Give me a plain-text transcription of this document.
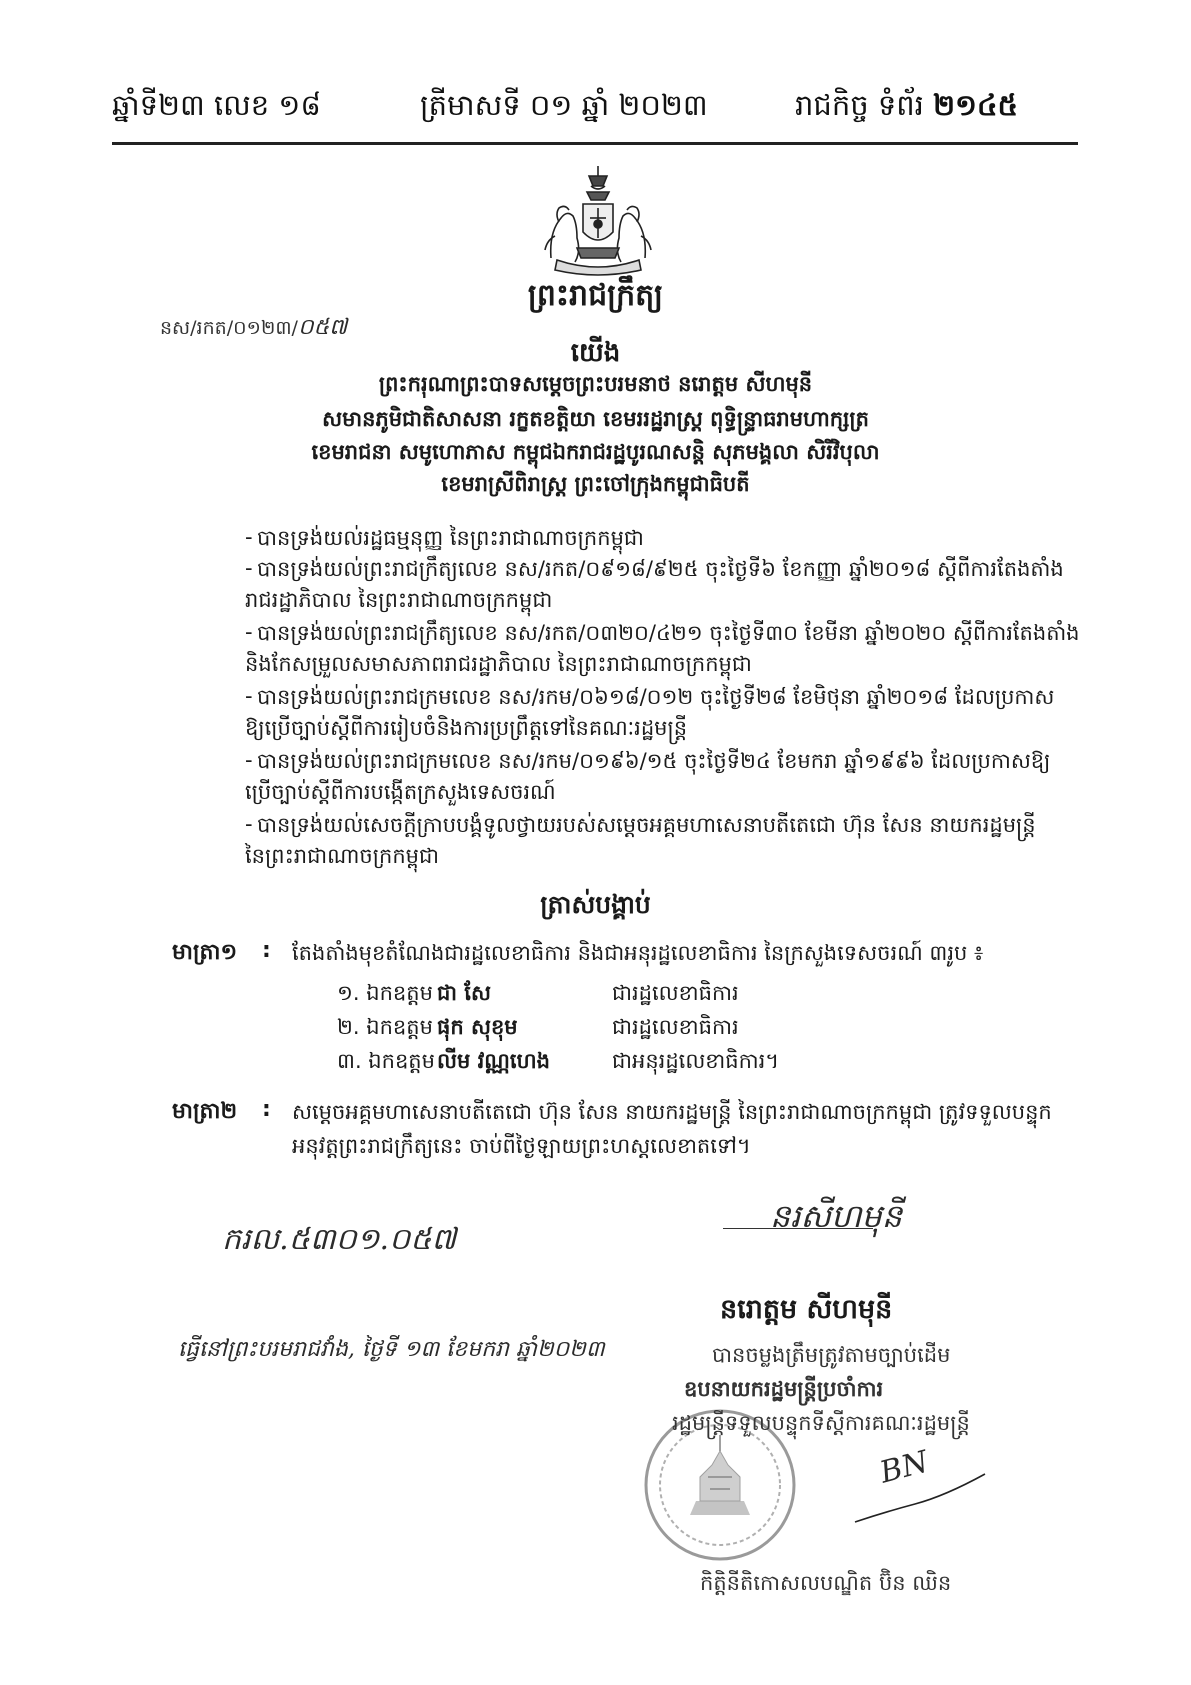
ឆ្នាំទី២៣ លេខ ១៨	ត្រីមាសទី ០១ ឆ្នាំ ២០២៣	រាជកិច្ច ទំព័រ ២១៤៥
ព្រះរាជក្រឹត្យ
នស/រកត/០១២៣/០៥៧
យើង
ព្រះករុណាព្រះបាទសម្តេចព្រះបរមនាថ នរោត្តម សីហមុនី
សមានភូមិជាតិសាសនា រក្ខតខត្តិយា ខេមររដ្ឋរាស្ត្រ ពុទ្ធិន្ទ្រាធរាមហាក្សត្រ
ខេមរាជនា សមូហោភាស កម្ពុជឯករាជរដ្ឋបូរណសន្តិ សុភមង្គលា សិរីវិបុលា
ខេមរាស្រីពិរាស្ត្រ ព្រះចៅក្រុងកម្ពុជាធិបតី
- បានទ្រង់យល់រដ្ឋធម្មនុញ្ញ នៃព្រះរាជាណាចក្រកម្ពុជា
- បានទ្រង់យល់ព្រះរាជក្រឹត្យលេខ នស/រកត/០៩១៨/៩២៥ ចុះថ្ងៃទី៦ ខែកញ្ញា ឆ្នាំ២០១៨ ស្តីពីការតែងតាំង
រាជរដ្ឋាភិបាល នៃព្រះរាជាណាចក្រកម្ពុជា
- បានទ្រង់យល់ព្រះរាជក្រឹត្យលេខ នស/រកត/០៣២០/៤២១ ចុះថ្ងៃទី៣០ ខែមីនា ឆ្នាំ២០២០ ស្តីពីការតែងតាំង
និងកែសម្រួលសមាសភាពរាជរដ្ឋាភិបាល នៃព្រះរាជាណាចក្រកម្ពុជា
- បានទ្រង់យល់ព្រះរាជក្រមលេខ នស/រកម/០៦១៨/០១២ ចុះថ្ងៃទី២៨ ខែមិថុនា ឆ្នាំ២០១៨ ដែលប្រកាស
ឱ្យប្រើច្បាប់ស្តីពីការរៀបចំនិងការប្រព្រឹត្តទៅនៃគណៈរដ្ឋមន្ត្រី
- បានទ្រង់យល់ព្រះរាជក្រមលេខ នស/រកម/០១៩៦/១៥ ចុះថ្ងៃទី២៤ ខែមករា ឆ្នាំ១៩៩៦ ដែលប្រកាសឱ្យ
ប្រើច្បាប់ស្តីពីការបង្កើតក្រសួងទេសចរណ៍
- បានទ្រង់យល់សេចក្តីក្រាបបង្គំទូលថ្វាយរបស់សម្តេចអគ្គមហាសេនាបតីតេជោ ហ៊ុន សែន នាយករដ្ឋមន្ត្រី
នៃព្រះរាជាណាចក្រកម្ពុជា
ត្រាស់បង្គាប់
មាត្រា១ : តែងតាំងមុខតំណែងជារដ្ឋលេខាធិការ និងជាអនុរដ្ឋលេខាធិការ នៃក្រសួងទេសចរណ៍ ៣រូប ៖
១. ឯកឧត្តម ជា សែ	ជារដ្ឋលេខាធិការ
២. ឯកឧត្តម ផុក សុខុម	ជារដ្ឋលេខាធិការ
៣. ឯកឧត្តម លីម វណ្ណហេង	ជាអនុរដ្ឋលេខាធិការ។
មាត្រា២ : សម្តេចអគ្គមហាសេនាបតីតេជោ ហ៊ុន សែន នាយករដ្ឋមន្ត្រី នៃព្រះរាជាណាចក្រកម្ពុជា ត្រូវទទួលបន្ទុក
អនុវត្តព្រះរាជក្រឹត្យនេះ ចាប់ពីថ្ងៃឡាយព្រះហស្តលេខាតទៅ។
ករល.៥៣០១.០៥៧
នរសីហមុនី
នរោត្តម សីហមុនី
ធ្វើនៅព្រះបរមរាជវាំង, ថ្ងៃទី ១៣ ខែមករា ឆ្នាំ២០២៣	បានចម្លងត្រឹមត្រូវតាមច្បាប់ដើម
ឧបនាយករដ្ឋមន្ត្រីប្រចាំការ
រដ្ឋមន្ត្រីទទួលបន្ទុកទីស្តីការគណៈរដ្ឋមន្ត្រី
BN
កិត្តិនីតិកោសលបណ្ឌិត ប៊ិន ឈិន
